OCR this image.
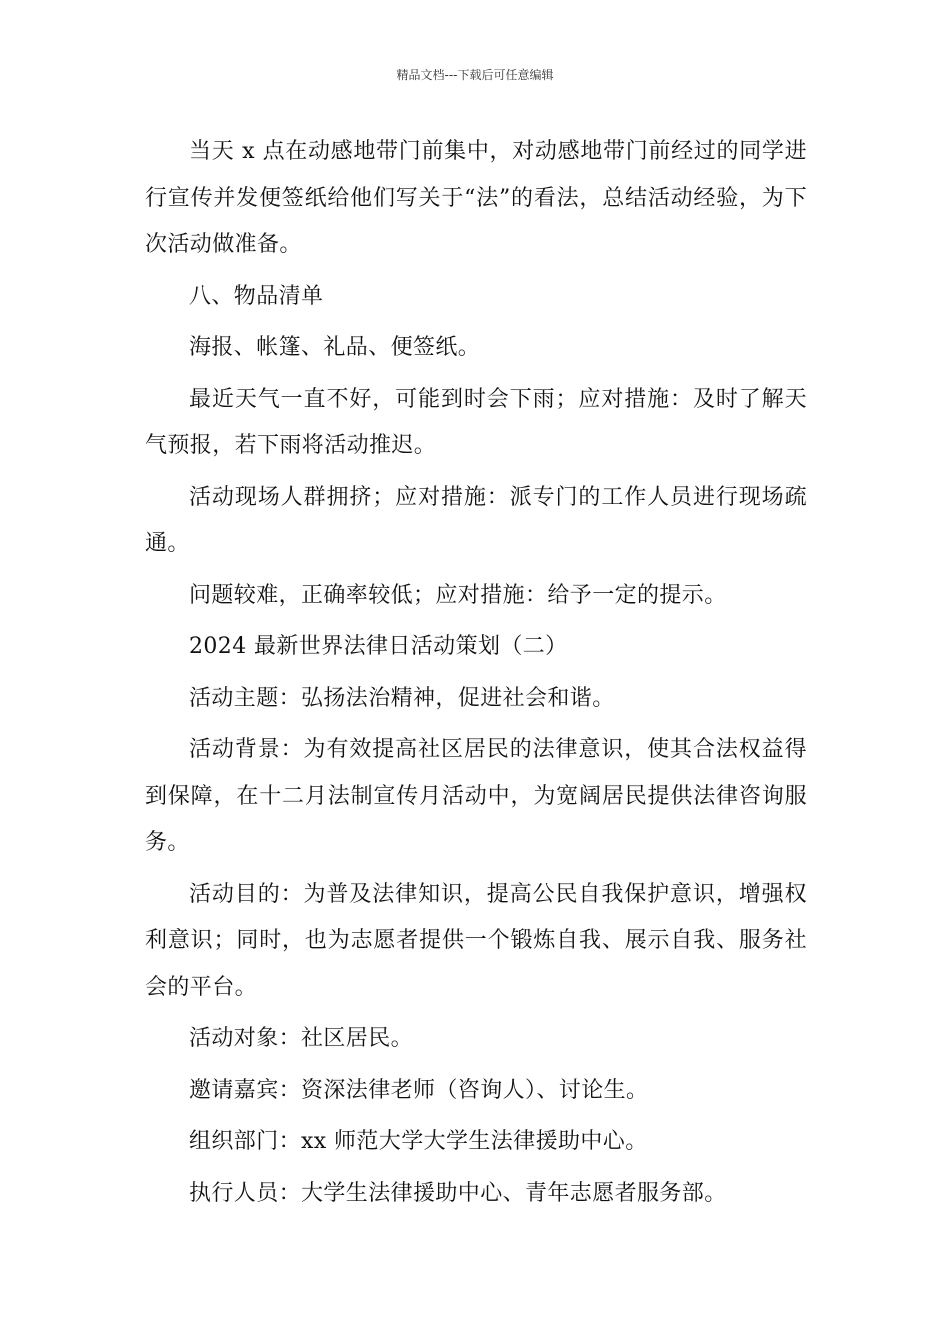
精品文档---下载后可任意编辑

当天 x 点在动感地带门前集中，对动感地带门前经过的同学进行宣传并发便签纸给他们写关于“法”的看法，总结活动经验，为下次活动做准备。

八、物品清单

海报、帐篷、礼品、便签纸。

最近天气一直不好，可能到时会下雨；应对措施：及时了解天气预报，若下雨将活动推迟。

活动现场人群拥挤；应对措施：派专门的工作人员进行现场疏通。

问题较难，正确率较低；应对措施：给予一定的提示。

2024 最新世界法律日活动策划（二）

活动主题：弘扬法治精神，促进社会和谐。

活动背景：为有效提高社区居民的法律意识，使其合法权益得到保障，在十二月法制宣传月活动中，为宽阔居民提供法律咨询服务。

活动目的：为普及法律知识，提高公民自我保护意识，增强权利意识；同时，也为志愿者提供一个锻炼自我、展示自我、服务社会的平台。

活动对象：社区居民。

邀请嘉宾：资深法律老师（咨询人）、讨论生。

组织部门：xx 师范大学大学生法律援助中心。

执行人员：大学生法律援助中心、青年志愿者服务部。
